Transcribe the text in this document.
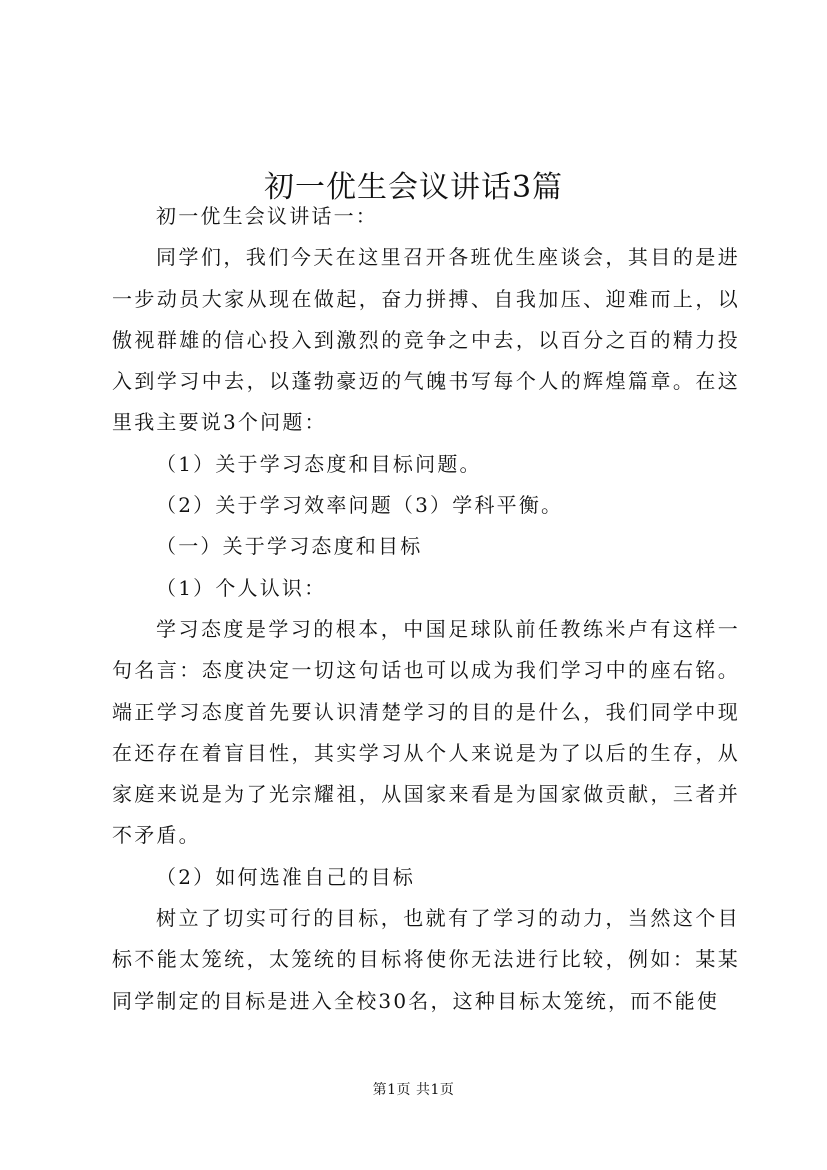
初一优生会议讲话3篇

初一优生会议讲话一：

同学们，我们今天在这里召开各班优生座谈会，其目的是进一步动员大家从现在做起，奋力拼搏、自我加压、迎难而上，以傲视群雄的信心投入到激烈的竞争之中去，以百分之百的精力投入到学习中去，以蓬勃豪迈的气魄书写每个人的辉煌篇章。在这里我主要说3个问题：

（1）关于学习态度和目标问题。

（2）关于学习效率问题（3）学科平衡。

（一）关于学习态度和目标

（1）个人认识：

学习态度是学习的根本，中国足球队前任教练米卢有这样一句名言：态度决定一切这句话也可以成为我们学习中的座右铭。端正学习态度首先要认识清楚学习的目的是什么，我们同学中现在还存在着盲目性，其实学习从个人来说是为了以后的生存，从家庭来说是为了光宗耀祖，从国家来看是为国家做贡献，三者并不矛盾。

（2）如何选准自己的目标

树立了切实可行的目标，也就有了学习的动力，当然这个目标不能太笼统，太笼统的目标将使你无法进行比较，例如：某某同学制定的目标是进入全校30名，这种目标太笼统，而不能使

第1页 共1页
